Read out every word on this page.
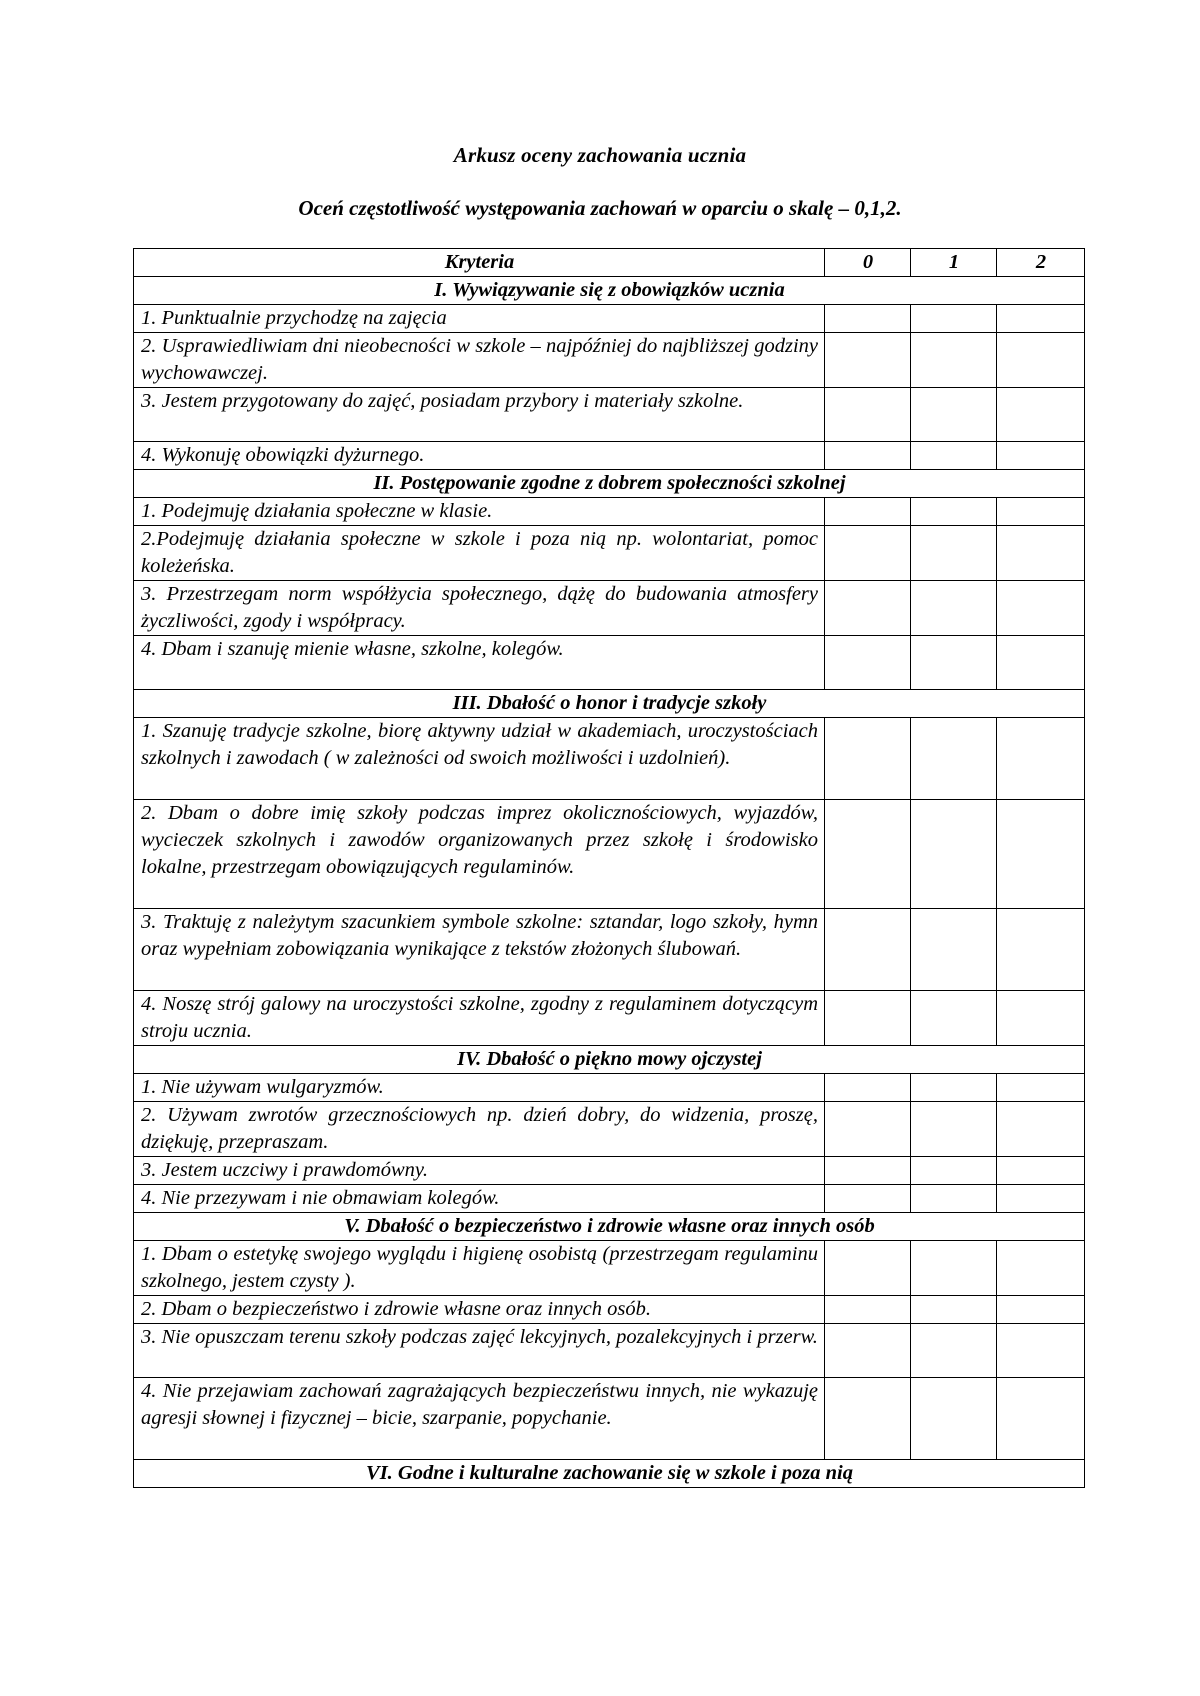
Arkusz oceny zachowania ucznia
Oceń częstotliwość występowania zachowań w oparciu o skalę – 0,1,2.
Kryteria	0	1	2
I. Wywiązywanie się z obowiązków ucznia			
1. Punktualnie przychodzę na zajęcia			
2. Usprawiedliwiam dni nieobecności w szkole – najpóźniej do najbliższej godziny wychowawczej.			
3. Jestem przygotowany do zajęć, posiadam przybory i materiały szkolne.			
4. Wykonuję obowiązki dyżurnego.			
II. Postępowanie zgodne z dobrem społeczności szkolnej			
1. Podejmuję działania społeczne w klasie.			
2.Podejmuję działania społeczne w szkole i poza nią np. wolontariat, pomoc koleżeńska.			
3. Przestrzegam norm współżycia społecznego, dążę do budowania atmosfery życzliwości, zgody i współpracy.			
4. Dbam i szanuję mienie własne, szkolne, kolegów.			
III. Dbałość o honor i tradycje szkoły			
1. Szanuję tradycje szkolne, biorę aktywny udział w akademiach, uroczystościach szkolnych i zawodach ( w zależności od swoich możliwości i uzdolnień).			
2. Dbam o dobre imię szkoły podczas imprez okolicznościowych, wyjazdów, wycieczek szkolnych i zawodów organizowanych przez szkołę i środowisko lokalne, przestrzegam obowiązujących regulaminów.			
3. Traktuję z należytym szacunkiem symbole szkolne: sztandar, logo szkoły, hymn oraz wypełniam zobowiązania wynikające z tekstów złożonych ślubowań.			
4. Noszę strój galowy na uroczystości szkolne, zgodny z regulaminem dotyczącym stroju ucznia.			
IV. Dbałość o piękno mowy ojczystej			
1. Nie używam wulgaryzmów.			
2. Używam zwrotów grzecznościowych np. dzień dobry, do widzenia, proszę, dziękuję, przepraszam.			
3. Jestem uczciwy i prawdomówny.			
4. Nie przezywam i nie obmawiam kolegów.			
V. Dbałość o bezpieczeństwo i zdrowie własne oraz innych osób			
1. Dbam o estetykę swojego wyglądu i higienę osobistą (przestrzegam regulaminu szkolnego, jestem czysty ).			
2. Dbam o bezpieczeństwo i zdrowie własne oraz innych osób.			
3. Nie opuszczam terenu szkoły podczas zajęć lekcyjnych, pozalekcyjnych i przerw.			
4. Nie przejawiam zachowań zagrażających bezpieczeństwu innych, nie wykazuję agresji słownej i fizycznej – bicie, szarpanie, popychanie.			
VI. Godne i kulturalne zachowanie się w szkole i poza nią			
